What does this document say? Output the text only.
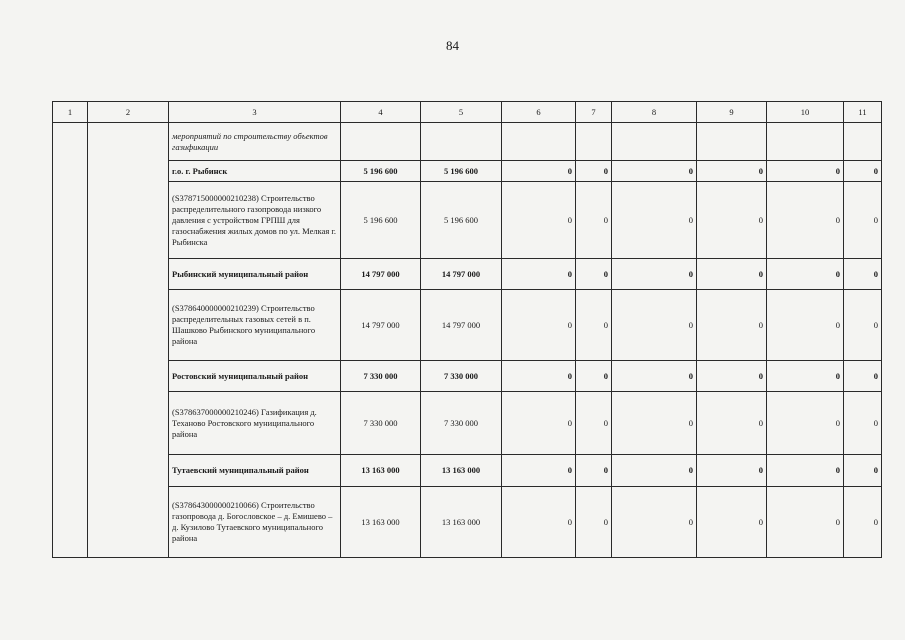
84
1	2	3	4	5	6	7	8	9	10	11
		мероприятий по строительству объектов газификации								
		г.о. г. Рыбинск	5 196 600	5 196 600	0	0	0	0	0	0
		(S378715000000210238) Строительство распределительного газопровода низкого давления с устройством ГРПШ для газоснабжения жилых домов по ул. Мелкая г. Рыбинска	5 196 600	5 196 600	0	0	0	0	0	0
		Рыбинский муниципальный район	14 797 000	14 797 000	0	0	0	0	0	0
		(S378640000000210239) Строительство распределительных газовых сетей в п. Шашково Рыбинского муниципального района	14 797 000	14 797 000	0	0	0	0	0	0
		Ростовский муниципальный район	7 330 000	7 330 000	0	0	0	0	0	0
		(S378637000000210246) Газификация д. Теханово Ростовского муниципального района	7 330 000	7 330 000	0	0	0	0	0	0
		Тутаевский муниципальный район	13 163 000	13 163 000	0	0	0	0	0	0
		(S378643000000210066) Строительство газопровода д. Богословское – д. Емишево – д. Кузилово Тутаевского муниципального района	13 163 000	13 163 000	0	0	0	0	0	0
